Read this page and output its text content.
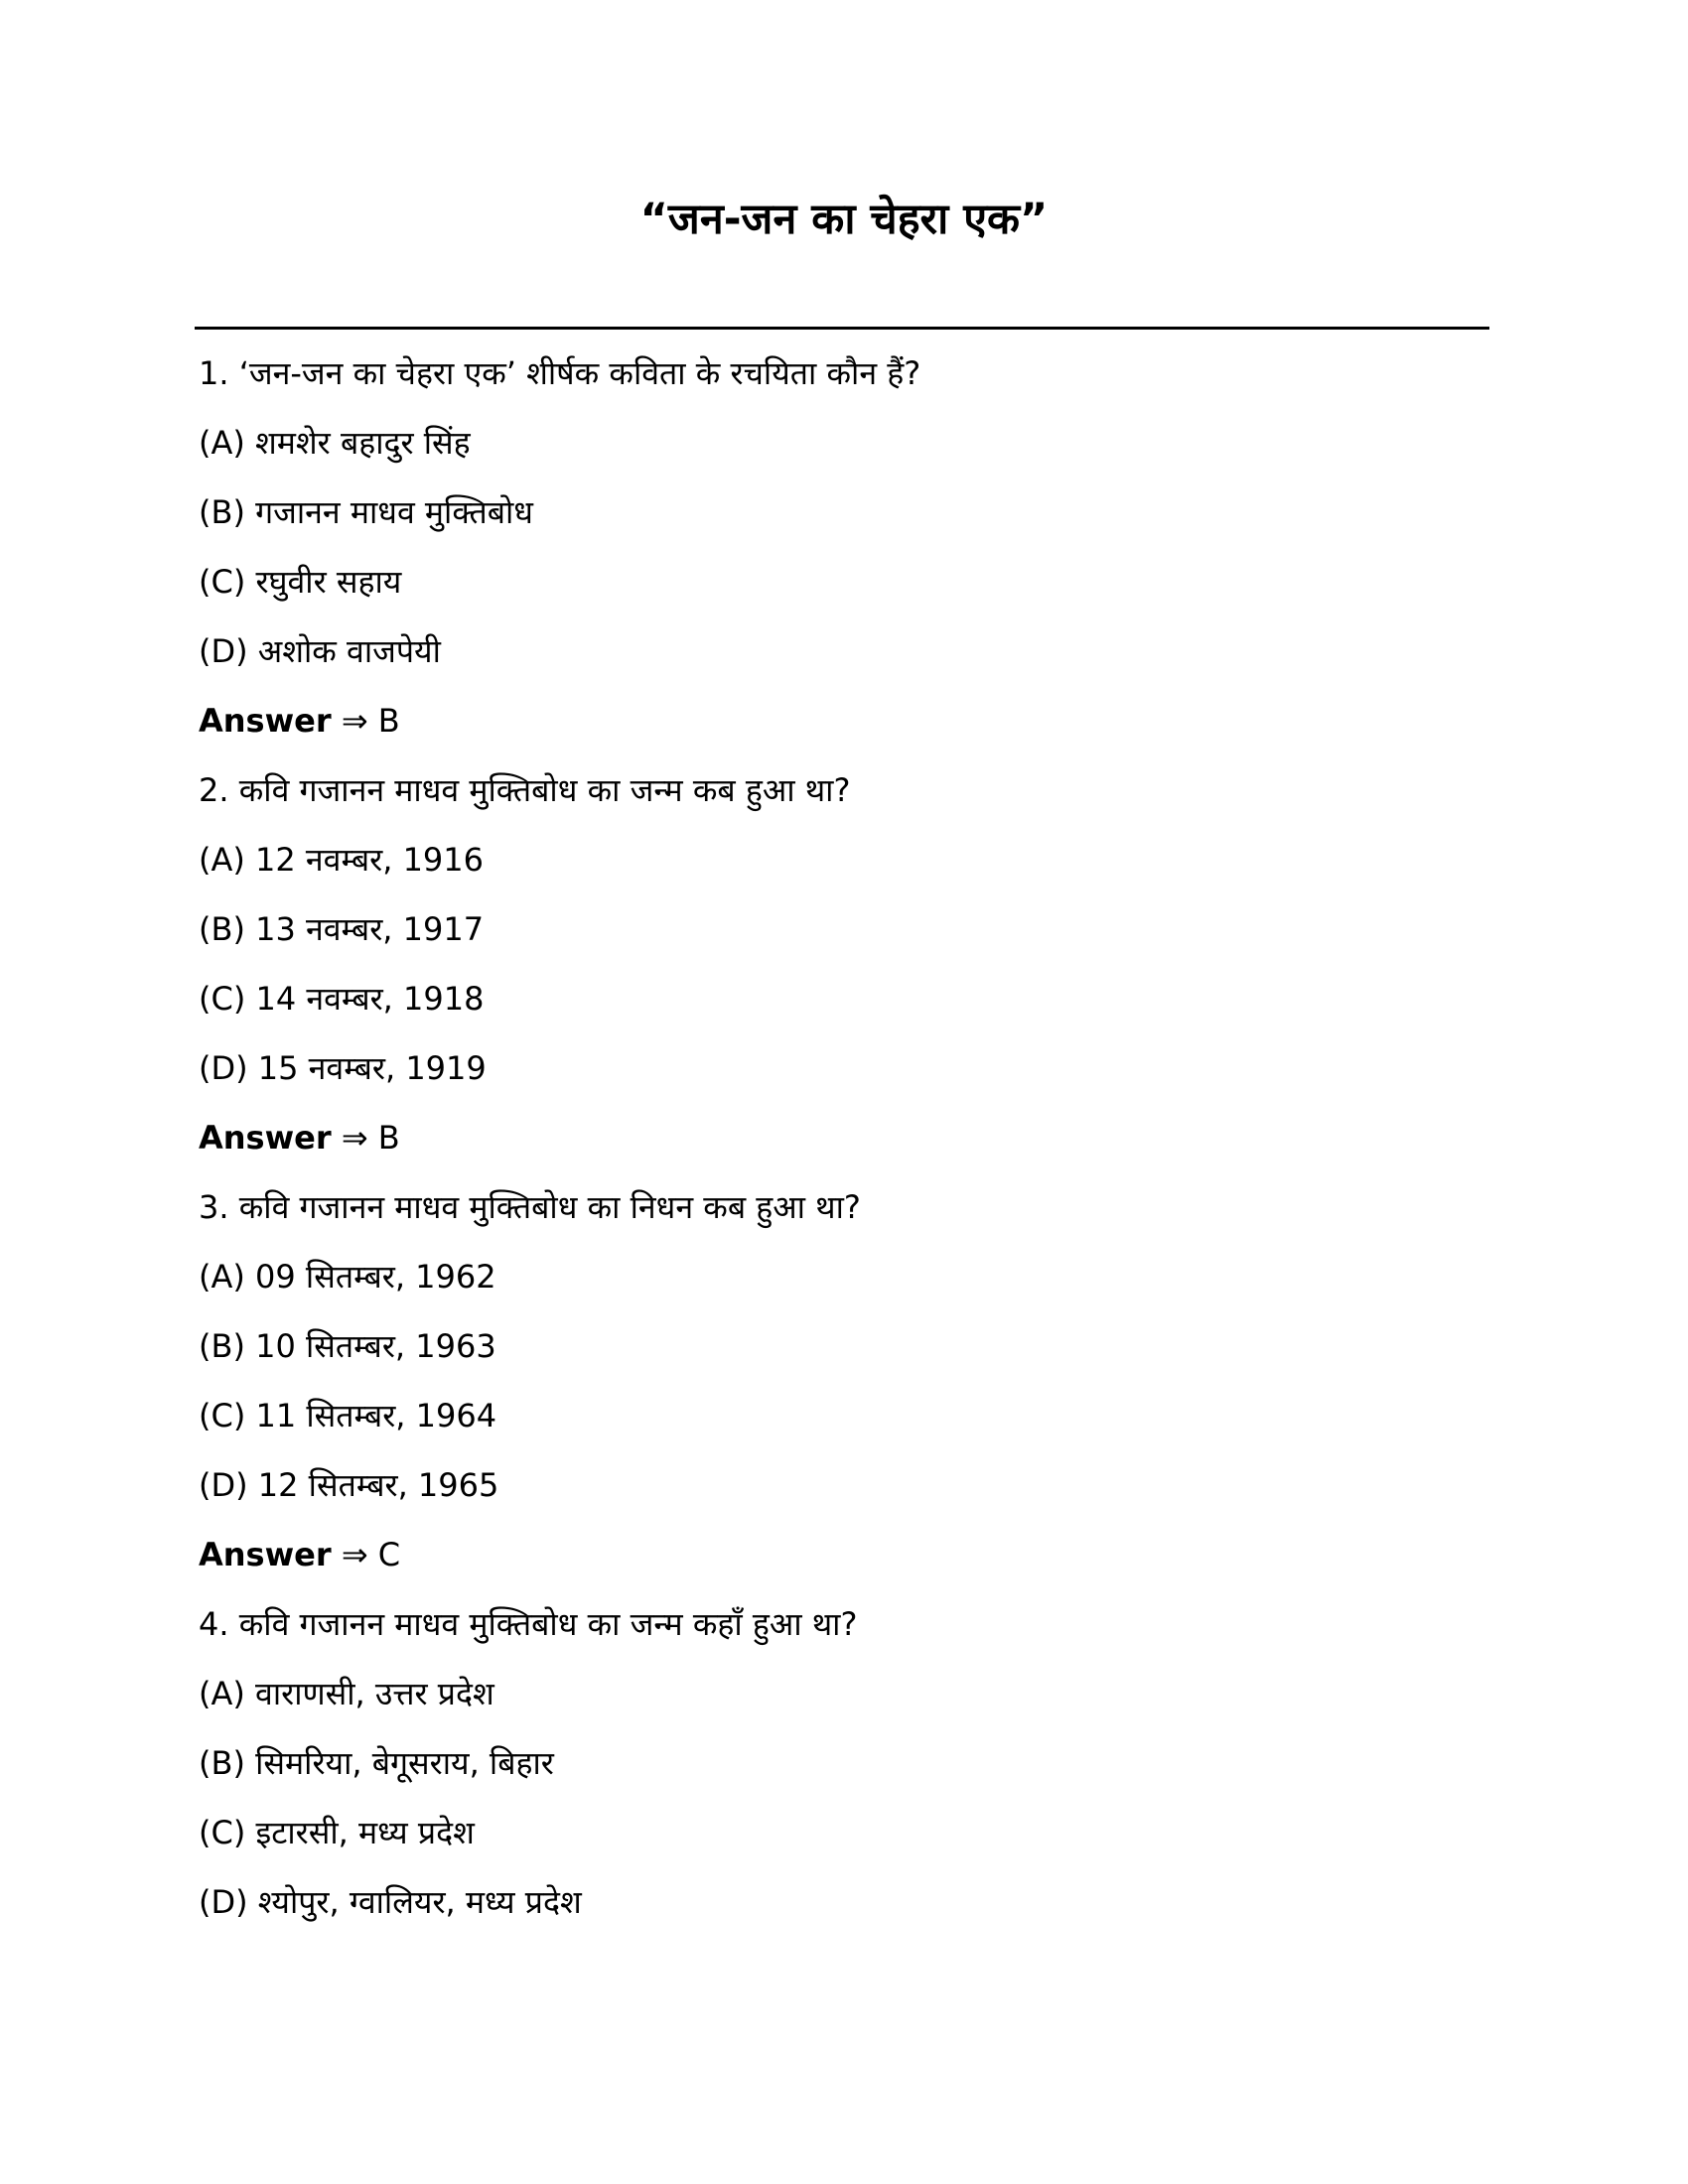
“जन-जन का चेहरा एक”
1. ‘जन-जन का चेहरा एक’ शीर्षक कविता के रचयिता कौन हैं?
(A) शमशेर बहादुर सिंह
(B) गजानन माधव मुक्तिबोध
(C) रघुवीर सहाय
(D) अशोक वाजपेयी
Answer ⇒ B
2. कवि गजानन माधव मुक्तिबोध का जन्म कब हुआ था?
(A) 12 नवम्बर, 1916
(B) 13 नवम्बर, 1917
(C) 14 नवम्बर, 1918
(D) 15 नवम्बर, 1919
Answer ⇒ B
3. कवि गजानन माधव मुक्तिबोध का निधन कब हुआ था?
(A) 09 सितम्बर, 1962
(B) 10 सितम्बर, 1963
(C) 11 सितम्बर, 1964
(D) 12 सितम्बर, 1965
Answer ⇒ C
4. कवि गजानन माधव मुक्तिबोध का जन्म कहाँ हुआ था?
(A) वाराणसी, उत्तर प्रदेश
(B) सिमरिया, बेगूसराय, बिहार
(C) इटारसी, मध्य प्रदेश
(D) श्योपुर, ग्वालियर, मध्य प्रदेश
